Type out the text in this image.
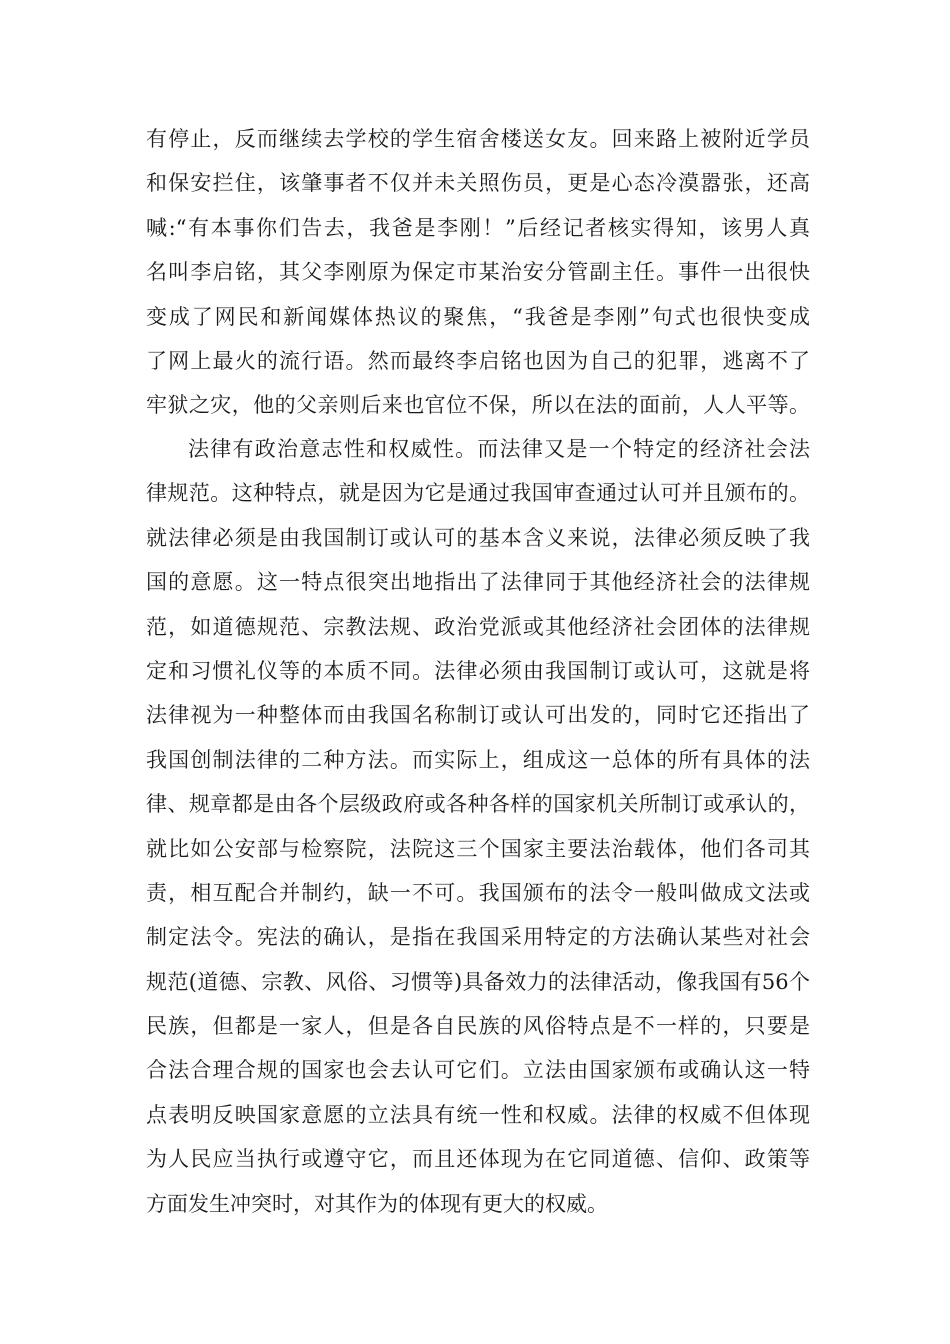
有停止，反而继续去学校的学生宿舍楼送女友。回来路上被附近学员
和保安拦住，该肇事者不仅并未关照伤员，更是心态冷漠嚣张，还高
喊:“有本事你们告去，我爸是李刚！”后经记者核实得知，该男人真
名叫李启铭，其父李刚原为保定市某治安分管副主任。事件一出很快
变成了网民和新闻媒体热议的聚焦，“我爸是李刚”句式也很快变成
了网上最火的流行语。然而最终李启铭也因为自己的犯罪，逃离不了
牢狱之灾，他的父亲则后来也官位不保，所以在法的面前，人人平等。
法律有政治意志性和权威性。而法律又是一个特定的经济社会法
律规范。这种特点，就是因为它是通过我国审查通过认可并且颁布的。
就法律必须是由我国制订或认可的基本含义来说，法律必须反映了我
国的意愿。这一特点很突出地指出了法律同于其他经济社会的法律规
范，如道德规范、宗教法规、政治党派或其他经济社会团体的法律规
定和习惯礼仪等的本质不同。法律必须由我国制订或认可，这就是将
法律视为一种整体而由我国名称制订或认可出发的，同时它还指出了
我国创制法律的二种方法。而实际上，组成这一总体的所有具体的法
律、规章都是由各个层级政府或各种各样的国家机关所制订或承认的，
就比如公安部与检察院，法院这三个国家主要法治载体，他们各司其
责，相互配合并制约，缺一不可。我国颁布的法令一般叫做成文法或
制定法令。宪法的确认，是指在我国采用特定的方法确认某些对社会
规范(道德、宗教、风俗、习惯等)具备效力的法律活动，像我国有56个
民族，但都是一家人，但是各自民族的风俗特点是不一样的，只要是
合法合理合规的国家也会去认可它们。立法由国家颁布或确认这一特
点表明反映国家意愿的立法具有统一性和权威。法律的权威不但体现
为人民应当执行或遵守它，而且还体现为在它同道德、信仰、政策等
方面发生冲突时，对其作为的体现有更大的权威。
